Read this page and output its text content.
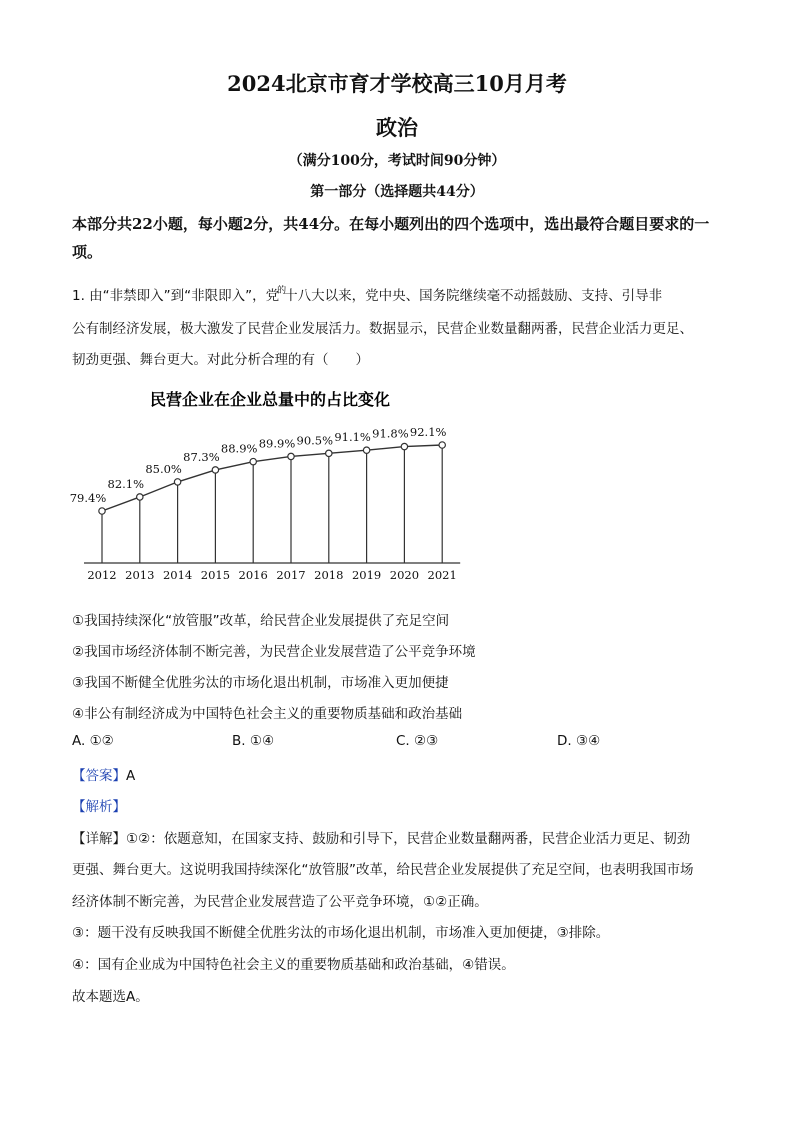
2024北京市育才学校高三10月月考
政治
（满分100分，考试时间90分钟）
第一部分（选择题共44分）
本部分共22小题，每小题2分，共44分。在每小题列出的四个选项中，选出最符合题目要求的一项。
1. 由“非禁即入”到“非限即入”，党$^的$十八大以来，党中央、国务院继续毫不动摇鼓励、支持、引导非
公有制经济发展，极大激发了民营企业发展活力。数据显示，民营企业数量翻两番，民营企业活力更足、
韧劲更强、舞台更大。对此分析合理的有（　　）
民营企业在企业总量中的占比变化
79.4%
2012
82.1%
2013
85.0%
2014
87.3%
2015
88.9%
2016
89.9%
2017
90.5%
2018
91.1%
2019
91.8%
2020
92.1%
2021
①我国持续深化“放管服”改革，给民营企业发展提供了充足空间
②我国市场经济体制不断完善，为民营企业发展营造了公平竞争环境
③我国不断健全优胜劣汰的市场化退出机制，市场准入更加便捷
④非公有制经济成为中国特色社会主义的重要物质基础和政治基础
A. ①②	B. ①④	C. ②③	D. ③④
【答案】A
【解析】
【详解】①②：依题意知，在国家支持、鼓励和引导下，民营企业数量翻两番，民营企业活力更足、韧劲
更强、舞台更大。这说明我国持续深化“放管服”改革，给民营企业发展提供了充足空间，也表明我国市场
经济体制不断完善，为民营企业发展营造了公平竞争环境，①②正确。
③：题干没有反映我国不断健全优胜劣汰的市场化退出机制，市场准入更加便捷，③排除。
④：国有企业成为中国特色社会主义的重要物质基础和政治基础，④错误。
故本题选A。
